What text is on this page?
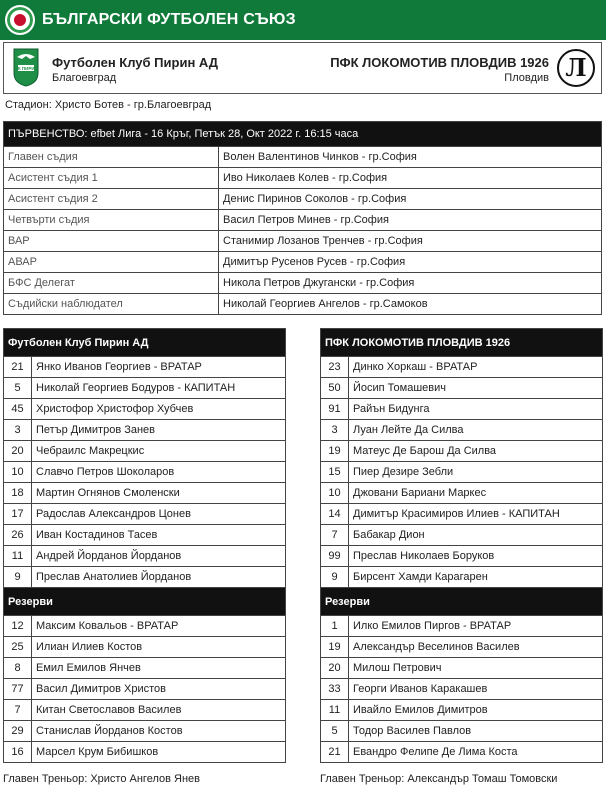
БЪЛГАРСКИ ФУТБОЛЕН СЪЮЗ
ФК ПИРИН Футболен Клуб Пирин АД
Благоевград
ПФК ЛОКОМОТИВ ПЛОВДИВ 1926
Пловдив Л
Стадион: Христо Ботев - гр.Благоевград
ПЪРВЕНСТВО: efbet Лига - 16 Кръг, Петък 28, Окт 2022 г. 16:15 часа	
Главен съдия	Волен Валентинов Чинков - гр.София
Асистент съдия 1	Иво Николаев Колев - гр.София
Асистент съдия 2	Денис Пиринов Соколов - гр.София
Четвърти съдия	Васил Петров Минев - гр.София
ВАР	Станимир Лозанов Тренчев - гр.София
АВАР	Димитър Русенов Русев - гр.София
БФС Делегат	Никола Петров Джугански - гр.София
Съдийски наблюдател	Николай Георгиев Ангелов - гр.Самоков
Футболен Клуб Пирин АД	
21	Янко Иванов Георгиев - ВРАТАР
5	Николай Георгиев Бодуров - КАПИТАН
45	Христофор Христофор Хубчев
3	Петър Димитров Занев
20	Чебраилс Макрецкис
10	Славчо Петров Шоколаров
18	Мартин Огнянов Смоленски
17	Радослав Александров Цонев
26	Иван Костадинов Тасев
11	Андрей Йорданов Йорданов
9	Преслав Анатолиев Йорданов
Резерви	
12	Максим Ковальов - ВРАТАР
25	Илиан Илиев Костов
8	Емил Емилов Янчев
77	Васил Димитров Христов
7	Китан Светославов Василев
29	Станислав Йорданов Костов
16	Марсел Крум Бибишков
ПФК ЛОКОМОТИВ ПЛОВДИВ 1926	
23	Динко Хоркаш - ВРАТАР
50	Йосип Томашевич
91	Райън Бидунга
3	Луан Лейте Да Силва
19	Матеус Де Барош Да Силва
15	Пиер Дезире Зебли
10	Джовани Бариани Маркес
14	Димитър Красимиров Илиев - КАПИТАН
7	Бабакар Дион
99	Преслав Николаев Боруков
9	Бирсент Хамди Карагарен
Резерви	
1	Илко Емилов Пиргов - ВРАТАР
19	Александър Веселинов Василев
20	Милош Петрович
33	Георги Иванов Каракашев
11	Ивайло Емилов Димитров
5	Тодор Василев Павлов
21	Евандро Фелипе Де Лима Коста
Главен Треньор: Христо Ангелов Янев	Главен Треньор: Александър Томаш Томовски
